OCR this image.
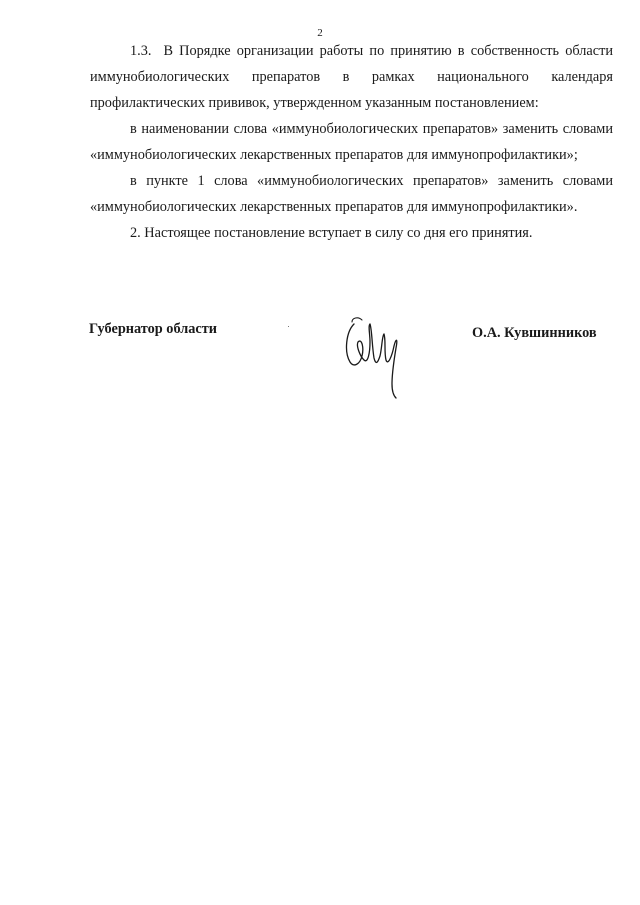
2

1.3. В Порядке организации работы по принятию в собственность области иммунобиологических препаратов в рамках национального календаря профилактических прививок, утвержденном указанным постановлением:

в наименовании слова «иммунобиологических препаратов» заменить словами «иммунобиологических лекарственных препаратов для иммунопрофилактики»;

в пункте 1 слова «иммунобиологических препаратов» заменить словами «иммунобиологических лекарственных препаратов для иммунопрофилактики».

2. Настоящее постановление вступает в силу со дня его принятия.

Губернатор области	О.А. Кувшинников
